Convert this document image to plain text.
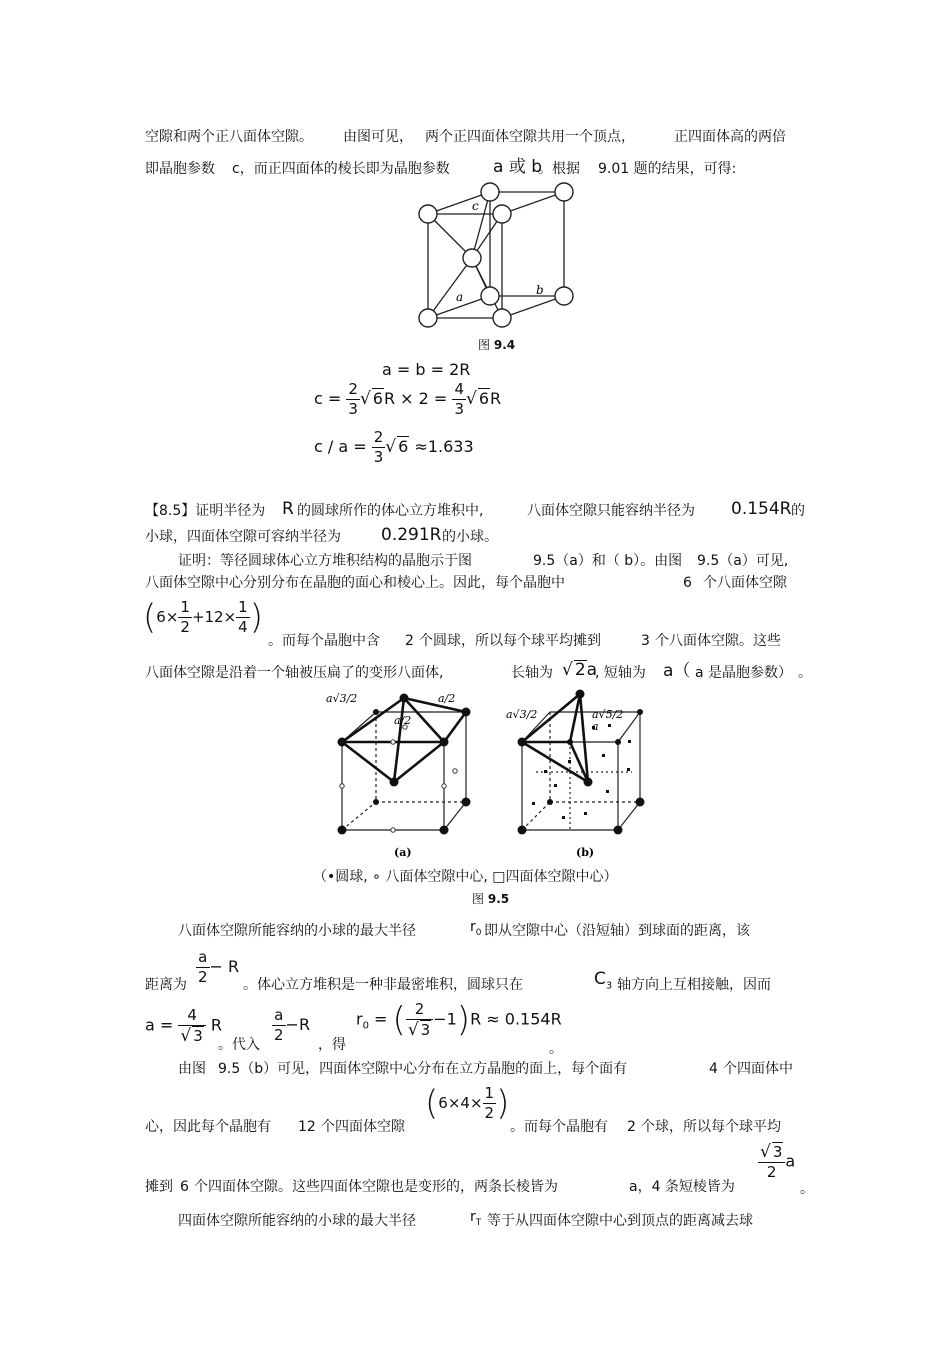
空隙和两个正八面体空隙。 由图可见， 两个正四面体空隙共用一个顶点，	正四面体高的两倍
即晶胞参数 c，而正四面体的棱长即为晶胞参数	a 或 b
。根据 9.01 题的结果，可得:
c
a	b
图 9.4
a = b = 2R
$c = \frac{2}{3}$ √ $6R \times 2 = \frac{4}{3}$ √ 6R
$c / a = \frac{2}{3}$ √ 6 ≈1.633
【8.5】证明半径为 R 的圆球所作的体心立方堆积中,	八面体空隙只能容纳半径为 0.154R 的
小球，四面体空隙可容纳半径为 0.291R 的小球。
证明：等径圆球体心立方堆积结构的晶胞示于图	9.5（a）和（ b）。由图 9.5（a）可见,
八面体空隙中心分别分布在晶胞的面心和棱心上。因此，每个晶胞中	6 个八面体空隙
($6\times \frac{1}{2} +12\times \frac{1}{4}$ )
。而每个晶胞中含 2 个圆球，所以每个球平均摊到	3 个八面体空隙。这些
八面体空隙是沿着一个轴被压扁了的变形八面体,	长轴为 √ 2a
, 短轴为 a（ a 是晶胞参数） 。
a√3/2	a/2
a/2
(a)
a√3/2	a√5/2
a
(b)
（•圆球, ∘ 八面体空隙中心, □四面体空隙中心）
图 9.5
八面体空隙所能容纳的小球的最大半径	$r_0$ 即从空隙中心（沿短轴）到球面的距离，该
距离为 $\frac{a}{2} - R$
。体心立方堆积是一种非最密堆积，圆球只在	$C_3$ 轴方向上互相接触，因而
$a = \frac{4}{√ 3}$ R
。代入 $\frac{a}{2} -R$
，得
$r_0$ = ( $\frac{2}{√ 3} -1)R \approx 0.154R$
。
由图 9.5（b）可见，四面体空隙中心分布在立方晶胞的面上，每个面有	4 个四面体中
心，因此每个晶胞有 12 个四面体空隙
($6\times 4\times \frac{1}{2}$ )
。而每个晶胞有 2 个球，所以每个球平均
摊到 6 个四面体空隙。这些四面体空隙也是变形的，两条长棱皆为	a，4 条短棱皆为
$\frac{√ 3}{2}$ a
。
四面体空隙所能容纳的小球的最大半径	$r_T$ 等于从四面体空隙中心到顶点的距离减去球
